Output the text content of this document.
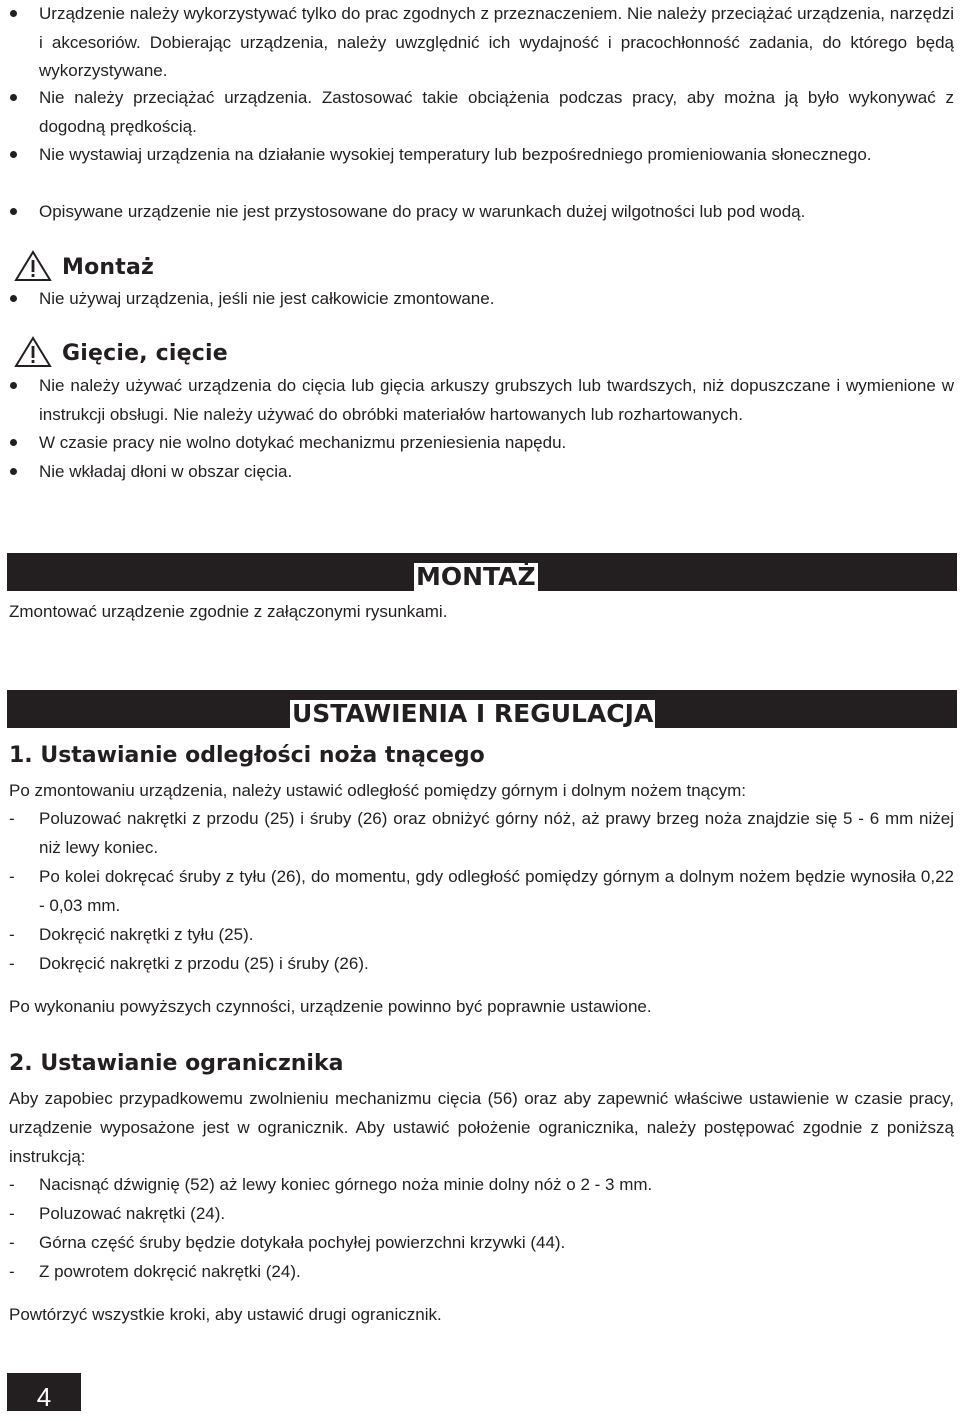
Urządzenie należy wykorzystywać tylko do prac zgodnych z przeznaczeniem. Nie należy przeciążać urządzenia, narzędzi i akcesoriów. Dobierając urządzenia, należy uwzględnić ich wydajność i pracochłonność zadania, do którego będą wykorzystywane.
Nie należy przeciążać urządzenia. Zastosować takie obciążenia podczas pracy, aby można ją było wykonywać z dogodną prędkością.
Nie wystawiaj urządzenia na działanie wysokiej temperatury lub bezpośredniego promieniowania słonecznego.
Opisywane urządzenie nie jest przystosowane do pracy w warunkach dużej wilgotności lub pod wodą.
Montaż
Nie używaj urządzenia, jeśli nie jest całkowicie zmontowane.
Gięcie, cięcie
Nie należy używać urządzenia do cięcia lub gięcia arkuszy grubszych lub twardszych, niż dopuszczane i wymienione w instrukcji obsługi. Nie należy używać do obróbki materiałów hartowanych lub rozhartowanych.
W czasie pracy nie wolno dotykać mechanizmu przeniesienia napędu.
Nie wkładaj dłoni w obszar cięcia.
MONTAŻ
Zmontować urządzenie zgodnie z załączonymi rysunkami.
USTAWIENIA I REGULACJA
1. Ustawianie odległości noża tnącego
Po zmontowaniu urządzenia, należy ustawić odległość pomiędzy górnym i dolnym nożem tnącym:
- Poluzować nakrętki z przodu (25) i śruby (26) oraz obniżyć górny nóż, aż prawy brzeg noża znajdzie się 5 - 6 mm niżej niż lewy koniec.
- Po kolei dokręcać śruby z tyłu (26), do momentu, gdy odległość pomiędzy górnym a dolnym nożem będzie wynosiła 0,22 - 0,03 mm.
- Dokręcić nakrętki z tyłu (25).
- Dokręcić nakrętki z przodu (25) i śruby (26).
Po wykonaniu powyższych czynności, urządzenie powinno być poprawnie ustawione.
2. Ustawianie ogranicznika
Aby zapobiec przypadkowemu zwolnieniu mechanizmu cięcia (56) oraz aby zapewnić właściwe ustawienie w czasie pracy, urządzenie wyposażone jest w ogranicznik. Aby ustawić położenie ogranicznika, należy postępować zgodnie z poniższą instrukcją:
- Nacisnąć dźwignię (52) aż lewy koniec górnego noża minie dolny nóż o 2 - 3 mm.
- Poluzować nakrętki (24).
- Górna część śruby będzie dotykała pochyłej powierzchni krzywki (44).
- Z powrotem dokręcić nakrętki (24).
Powtórzyć wszystkie kroki, aby ustawić drugi ogranicznik.
4
